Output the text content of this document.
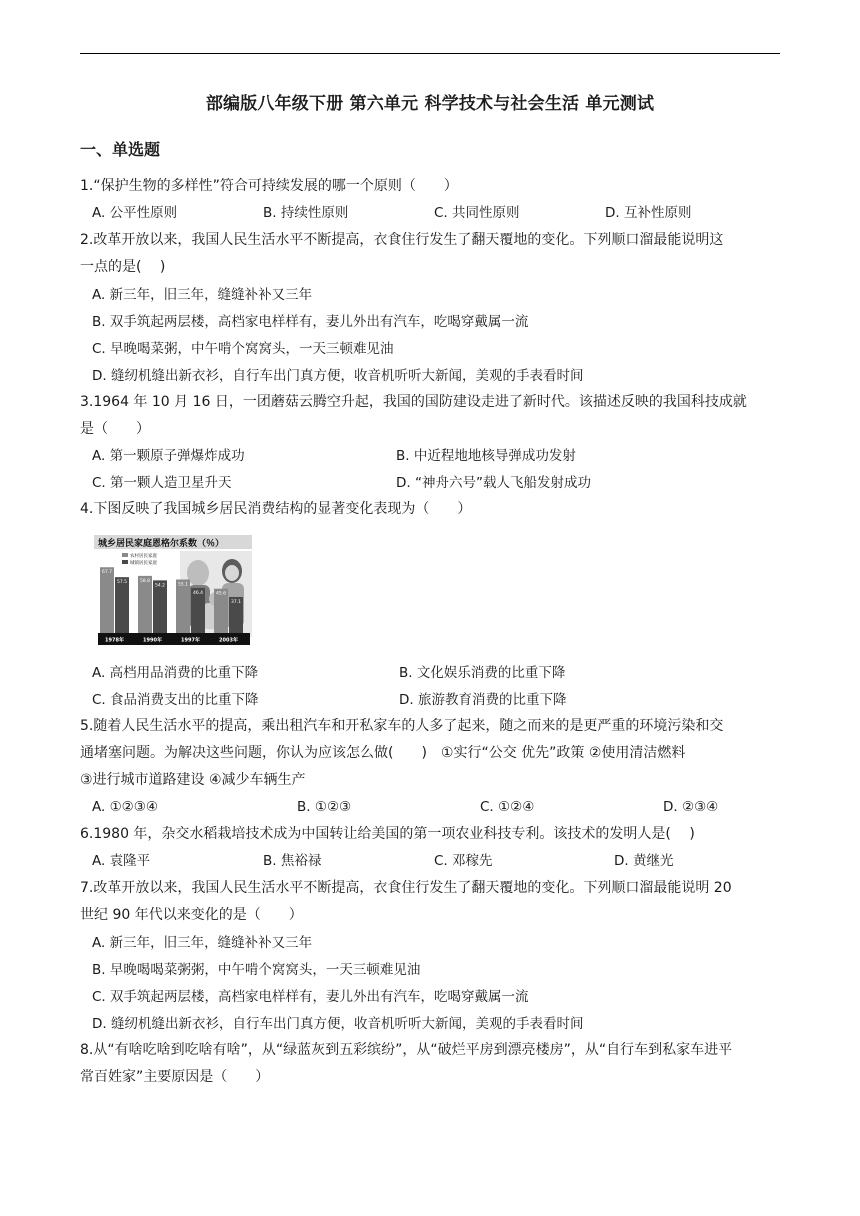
部编版八年级下册 第六单元 科学技术与社会生活 单元测试
一、单选题
1.“保护生物的多样性”符合可持续发展的哪一个原则（　　）
A. 公平性原则	B. 持续性原则	C. 共同性原则	D. 互补性原则
2.改革开放以来，我国人民生活水平不断提高，衣食住行发生了翻天覆地的变化。下列顺口溜最能说明这
一点的是(　 )
A. 新三年，旧三年，缝缝补补又三年
B. 双手筑起两层楼，高档家电样样有，妻儿外出有汽车，吃喝穿戴属一流
C. 早晚喝菜粥，中午啃个窝窝头，一天三顿难见油
D. 缝纫机缝出新衣衫，自行车出门真方便，收音机听听大新闻，美观的手表看时间
3.1964 年 10 月 16 日，一团蘑菇云腾空升起，我国的国防建设走进了新时代。该描述反映的我国科技成就
是（　　）
A. 第一颗原子弹爆炸成功	B. 中近程地地核导弹成功发射
C. 第一颗人造卫星升天	D. “神舟六号”载人飞船发射成功
4.下图反映了我国城乡居民消费结构的显著变化表现为（　　）
城乡居民家庭恩格尔系数（％）
农村居民家庭
城镇居民家庭
67.7
57.5	58.8
54.2	55.1
46.4	45.6
37.1
1978年	1990年	1997年	2003年
A. 高档用品消费的比重下降	B. 文化娱乐消费的比重下降
C. 食品消费支出的比重下降	D. 旅游教育消费的比重下降
5.随着人民生活水平的提高，乘出租汽车和开私家车的人多了起来，随之而来的是更严重的环境污染和交
通堵塞问题。为解决这些问题，你认为应该怎么做(　　)　①实行“公交 优先”政策 ②使用清洁燃料
③进行城市道路建设 ④减少车辆生产
A. ①②③④	B. ①②③	C. ①②④	D. ②③④
6.1980 年，杂交水稻栽培技术成为中国转让给美国的第一项农业科技专利。该技术的发明人是(　 )
A. 袁隆平	B. 焦裕禄	C. 邓稼先	D. 黄继光
7.改革开放以来，我国人民生活水平不断提高，衣食住行发生了翻天覆地的变化。下列顺口溜最能说明 20
世纪 90 年代以来变化的是（　　）
A. 新三年，旧三年，缝缝补补又三年
B. 早晚喝喝菜粥粥，中午啃个窝窝头，一天三顿难见油
C. 双手筑起两层楼，高档家电样样有，妻儿外出有汽车，吃喝穿戴属一流
D. 缝纫机缝出新衣衫，自行车出门真方便，收音机听听大新闻，美观的手表看时间
8.从“有啥吃啥到吃啥有啥”，从“绿蓝灰到五彩缤纷”，从“破烂平房到漂亮楼房”，从“自行车到私家车进平
常百姓家”主要原因是（　　）
